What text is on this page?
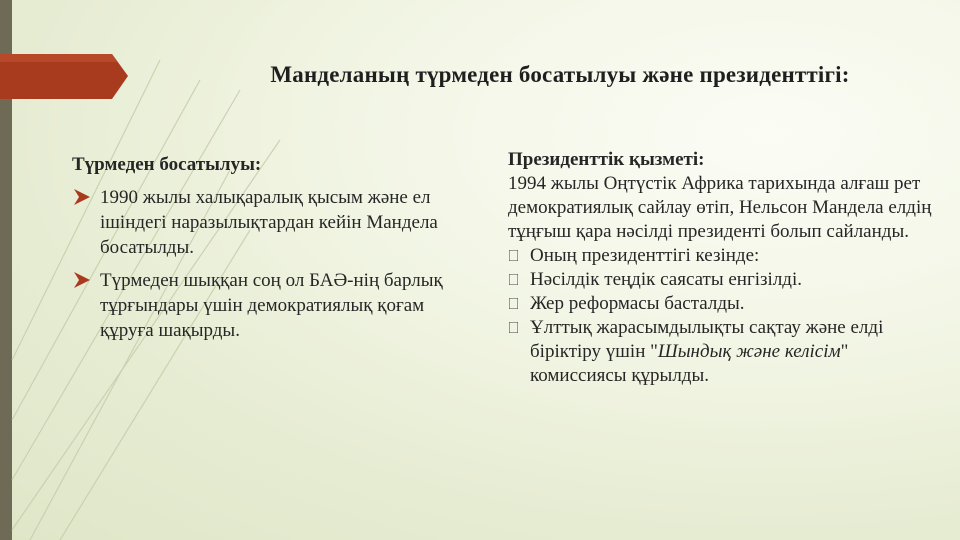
Манделаның түрмеден босатылуы және президенттігі:
Түрмеден босатылуы:
1990 жылы халықаралық қысым және ел ішіндегі наразылықтардан кейін Мандела босатылды.
Түрмеден шыққан соң ол БАӘ-нің барлық тұрғындары үшін демократиялық қоғам құруға шақырды.
Президенттік қызметі:
1994 жылы Оңтүстік Африка тарихында алғаш рет демократиялық сайлау өтіп, Нельсон Мандела елдің тұңғыш қара нәсілді президенті болып сайланды.
Оның президенттігі кезінде:
Нәсілдік теңдік саясаты енгізілді.
Жер реформасы басталды.
Ұлттық жарасымдылықты сақтау және елді біріктіру үшін "Шындық және келісім" комиссиясы құрылды.
